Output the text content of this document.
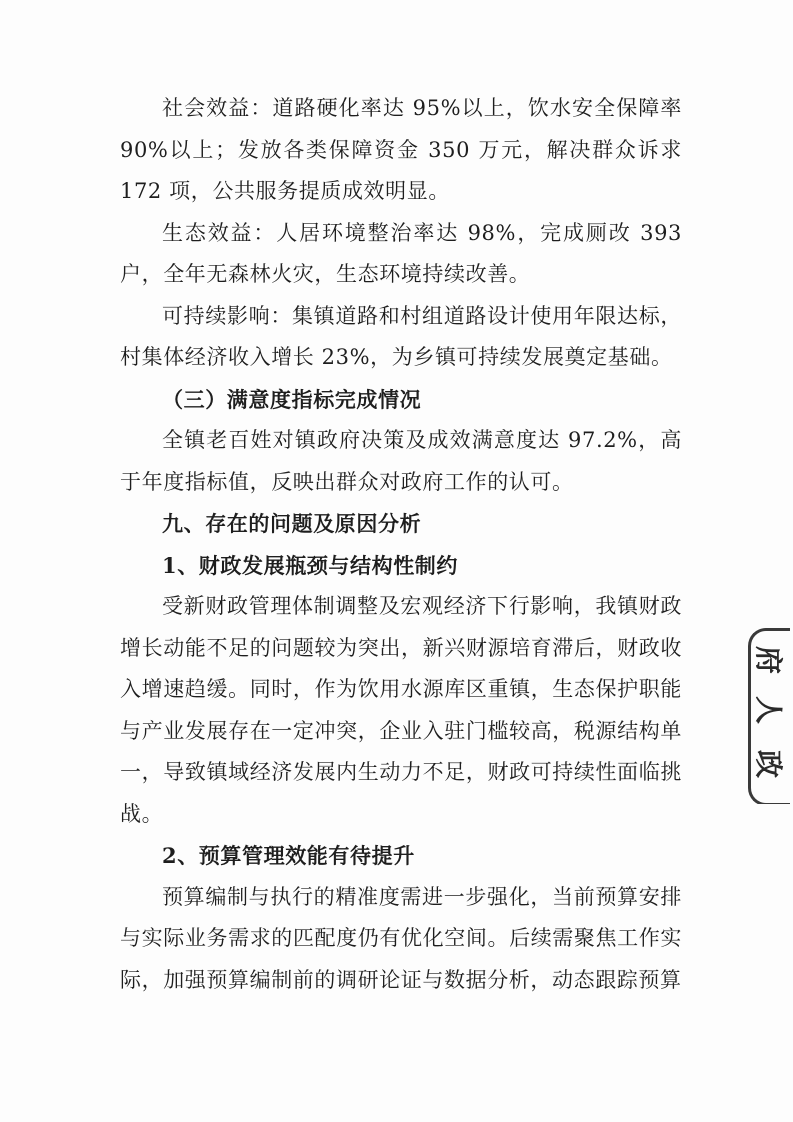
社会效益：道路硬化率达 95%以上，饮水安全保障率 90%以上；发放各类保障资金 350 万元，解决群众诉求 172 项，公共服务提质成效明显。

生态效益：人居环境整治率达 98%，完成厕改 393 户，全年无森林火灾，生态环境持续改善。

可持续影响：集镇道路和村组道路设计使用年限达标，村集体经济收入增长 23%，为乡镇可持续发展奠定基础。

（三）满意度指标完成情况

全镇老百姓对镇政府决策及成效满意度达 97.2%，高于年度指标值，反映出群众对政府工作的认可。

九、存在的问题及原因分析

1、财政发展瓶颈与结构性制约

受新财政管理体制调整及宏观经济下行影响，我镇财政增长动能不足的问题较为突出，新兴财源培育滞后，财政收入增速趋缓。同时，作为饮用水源库区重镇，生态保护职能与产业发展存在一定冲突，企业入驻门槛较高，税源结构单一，导致镇域经济发展内生动力不足，财政可持续性面临挑战。

2、预算管理效能有待提升

预算编制与执行的精准度需进一步强化，当前预算安排与实际业务需求的匹配度仍有优化空间。后续需聚焦工作实际，加强预算编制前的调研论证与数据分析，动态跟踪预算

府
人
政
